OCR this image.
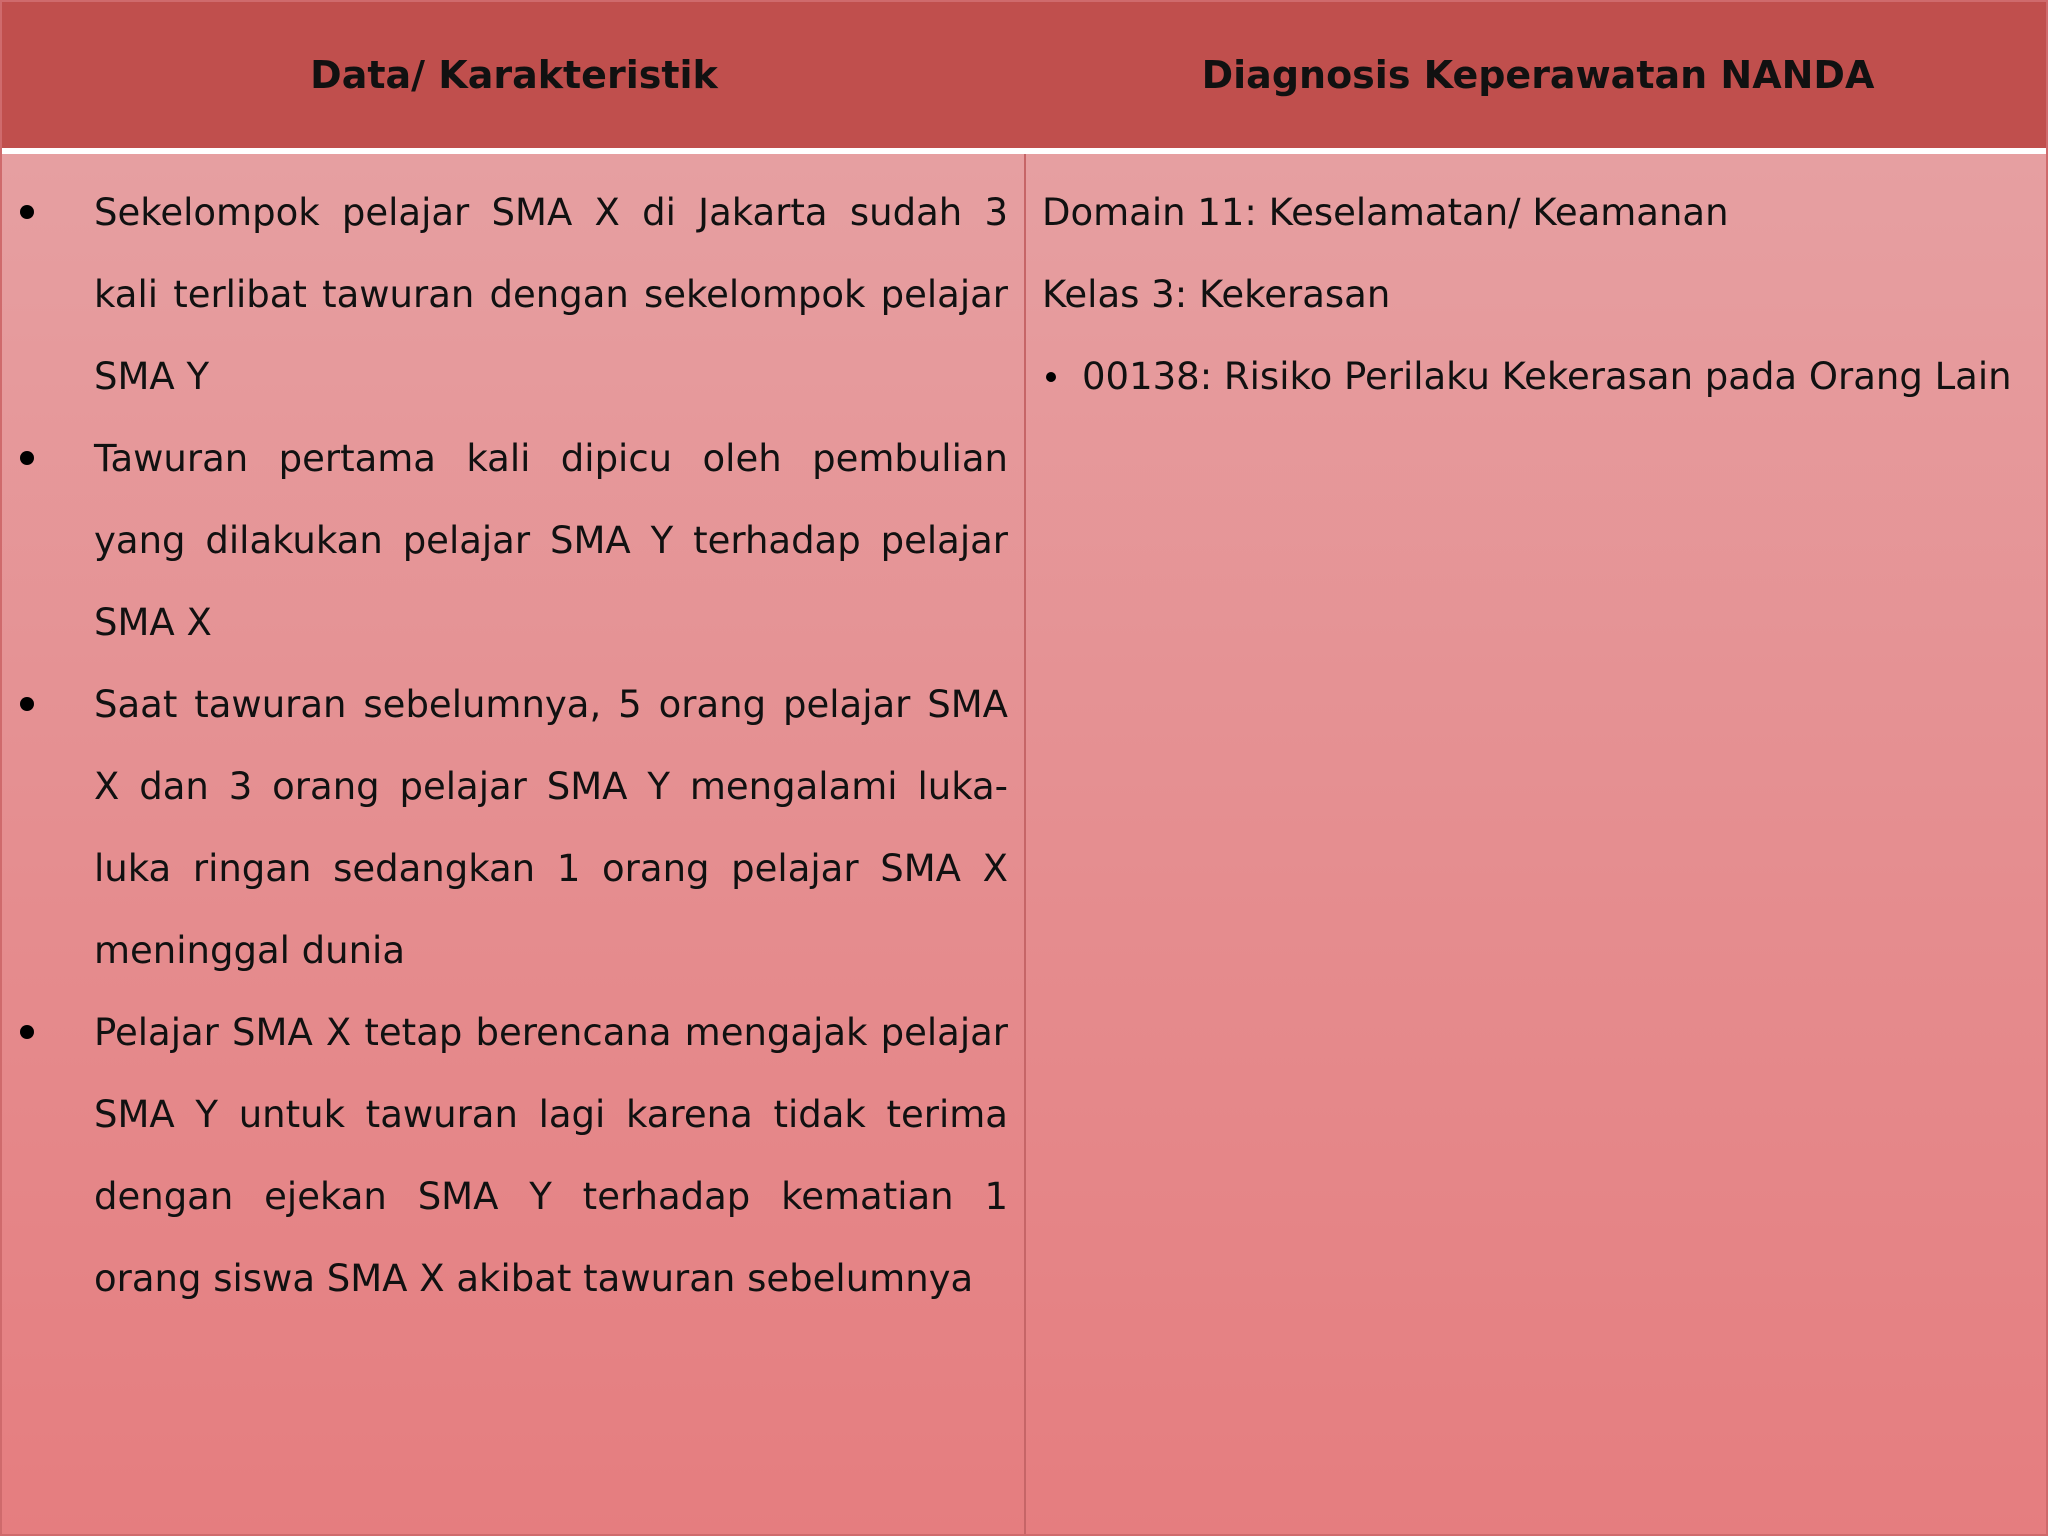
Data/ Karakteristik	Diagnosis Keperawatan NANDA
Sekelompok pelajar SMA X di Jakarta sudah 3 kali terlibat tawuran dengan sekelompok pelajar SMA Y
Tawuran pertama kali dipicu oleh pembulian yang dilakukan pelajar SMA Y terhadap pelajar SMA X
Saat tawuran sebelumnya, 5 orang pelajar SMA X dan 3 orang pelajar SMA Y mengalami luka-luka ringan sedangkan 1 orang pelajar SMA X meninggal dunia
Pelajar SMA X tetap berencana mengajak pelajar SMA Y untuk tawuran lagi karena tidak terima dengan ejekan SMA Y terhadap kematian 1 orang siswa SMA X akibat tawuran sebelumnya

Domain 11: Keselamatan/ Keamanan

Kelas 3: Kekerasan

00138: Risiko Perilaku Kekerasan pada Orang Lain
